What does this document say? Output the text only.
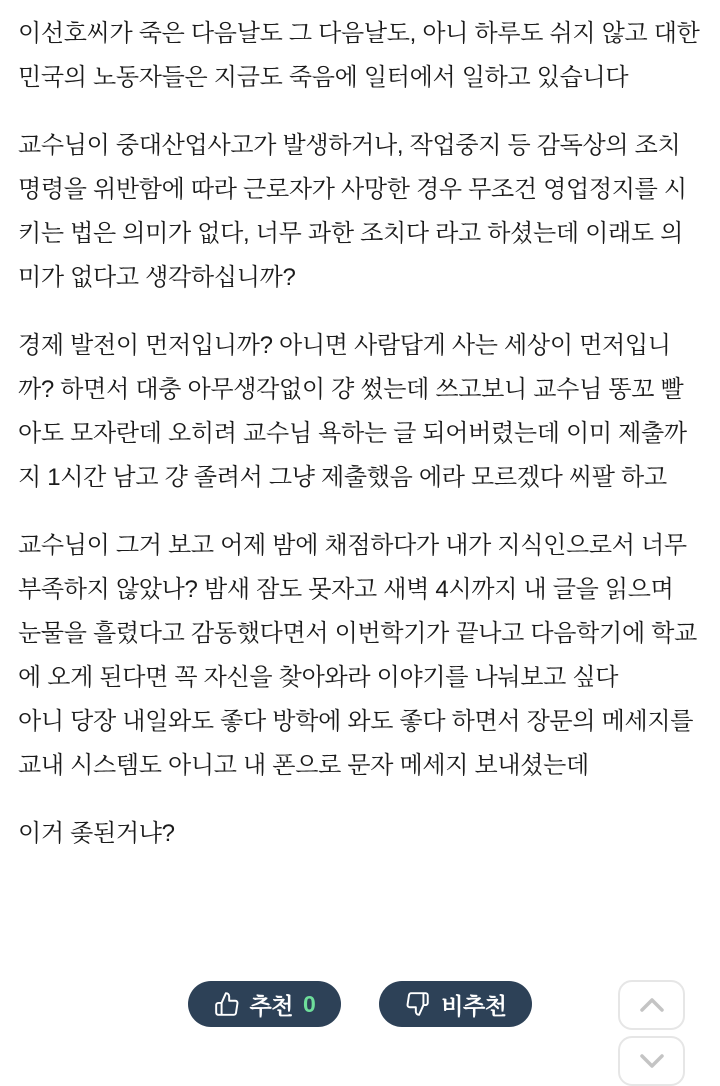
이선호씨가 죽은 다음날도 그 다음날도, 아니 하루도 쉬지 않고 대한민국의 노동자들은 지금도 죽음에 일터에서 일하고 있습니다

교수님이 중대산업사고가 발생하거나, 작업중지 등 감독상의 조치 명령을 위반함에 따라 근로자가 사망한 경우 무조건 영업정지를 시키는 법은 의미가 없다, 너무 과한 조치다 라고 하셨는데 이래도 의미가 없다고 생각하십니까?

경제 발전이 먼저입니까? 아니면 사람답게 사는 세상이 먼저입니까? 하면서 대충 아무생각없이 걍 썼는데 쓰고보니 교수님 똥꼬 빨아도 모자란데 오히려 교수님 욕하는 글 되어버렸는데 이미 제출까지 1시간 남고 걍 졸려서 그냥 제출했음 에라 모르겠다 씨팔 하고

교수님이 그거 보고 어제 밤에 채점하다가 내가 지식인으로서 너무 부족하지 않았나? 밤새 잠도 못자고 새벽 4시까지 내 글을 읽으며 눈물을 흘렸다고 감동했다면서 이번학기가 끝나고 다음학기에 학교에 오게 된다면 꼭 자신을 찾아와라 이야기를 나눠보고 싶다

아니 당장 내일와도 좋다 방학에 와도 좋다 하면서 장문의 메세지를 교내 시스템도 아니고 내 폰으로 문자 메세지 보내셨는데

이거 좆된거냐?

추천 0	비추천
